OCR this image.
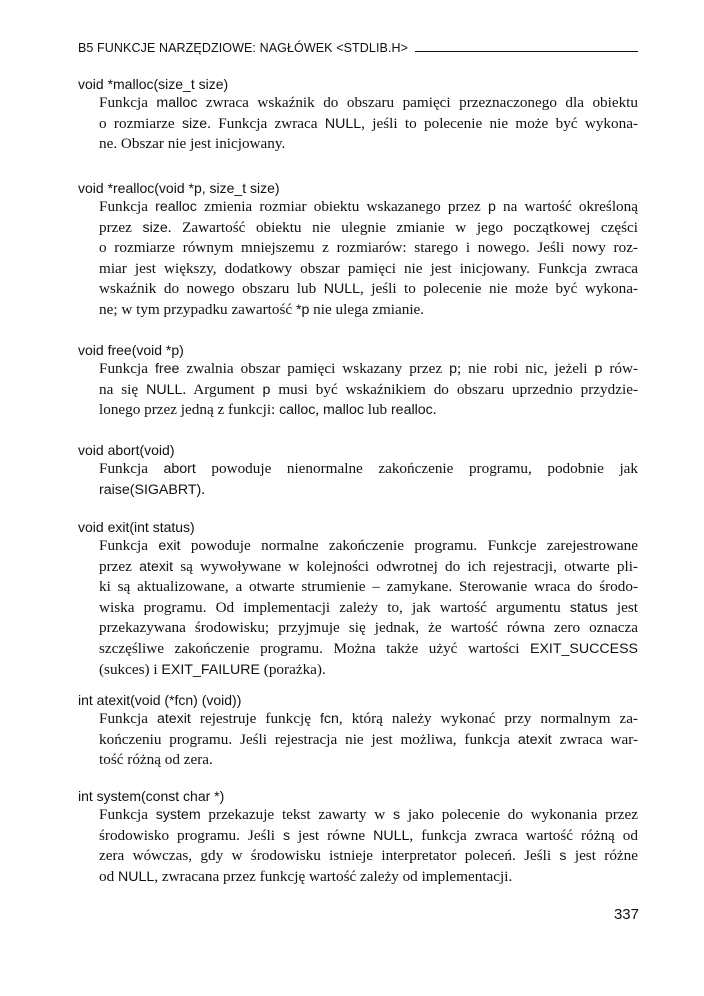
B5 FUNKCJE NARZĘDZIOWE: NAGŁÓWEK <STDLIB.H>
void *malloc(size_t size)
Funkcja malloc zwraca wskaźnik do obszaru pamięci przeznaczonego dla obiektu
o rozmiarze size. Funkcja zwraca NULL, jeśli to polecenie nie może być wykona-
ne. Obszar nie jest inicjowany.
void *realloc(void *p, size_t size)
Funkcja realloc zmienia rozmiar obiektu wskazanego przez p na wartość określoną
przez size. Zawartość obiektu nie ulegnie zmianie w jego początkowej części
o rozmiarze równym mniejszemu z rozmiarów: starego i nowego. Jeśli nowy roz-
miar jest większy, dodatkowy obszar pamięci nie jest inicjowany. Funkcja zwraca
wskaźnik do nowego obszaru lub NULL, jeśli to polecenie nie może być wykona-
ne; w tym przypadku zawartość *p nie ulega zmianie.
void free(void *p)
Funkcja free zwalnia obszar pamięci wskazany przez p; nie robi nic, jeżeli p rów-
na się NULL. Argument p musi być wskaźnikiem do obszaru uprzednio przydzie-
lonego przez jedną z funkcji: calloc, malloc lub realloc.
void abort(void)
Funkcja abort powoduje nienormalne zakończenie programu, podobnie jak
raise(SIGABRT).
void exit(int status)
Funkcja exit powoduje normalne zakończenie programu. Funkcje zarejestrowane
przez atexit są wywoływane w kolejności odwrotnej do ich rejestracji, otwarte pli-
ki są aktualizowane, a otwarte strumienie – zamykane. Sterowanie wraca do środo-
wiska programu. Od implementacji zależy to, jak wartość argumentu status jest
przekazywana środowisku; przyjmuje się jednak, że wartość równa zero oznacza
szczęśliwe zakończenie programu. Można także użyć wartości EXIT_SUCCESS
(sukces) i EXIT_FAILURE (porażka).
int atexit(void (*fcn) (void))
Funkcja atexit rejestruje funkcję fcn, którą należy wykonać przy normalnym za-
kończeniu programu. Jeśli rejestracja nie jest możliwa, funkcja atexit zwraca war-
tość różną od zera.
int system(const char *)
Funkcja system przekazuje tekst zawarty w s jako polecenie do wykonania przez
środowisko programu. Jeśli s jest równe NULL, funkcja zwraca wartość różną od
zera wówczas, gdy w środowisku istnieje interpretator poleceń. Jeśli s jest różne
od NULL, zwracana przez funkcję wartość zależy od implementacji.
337
